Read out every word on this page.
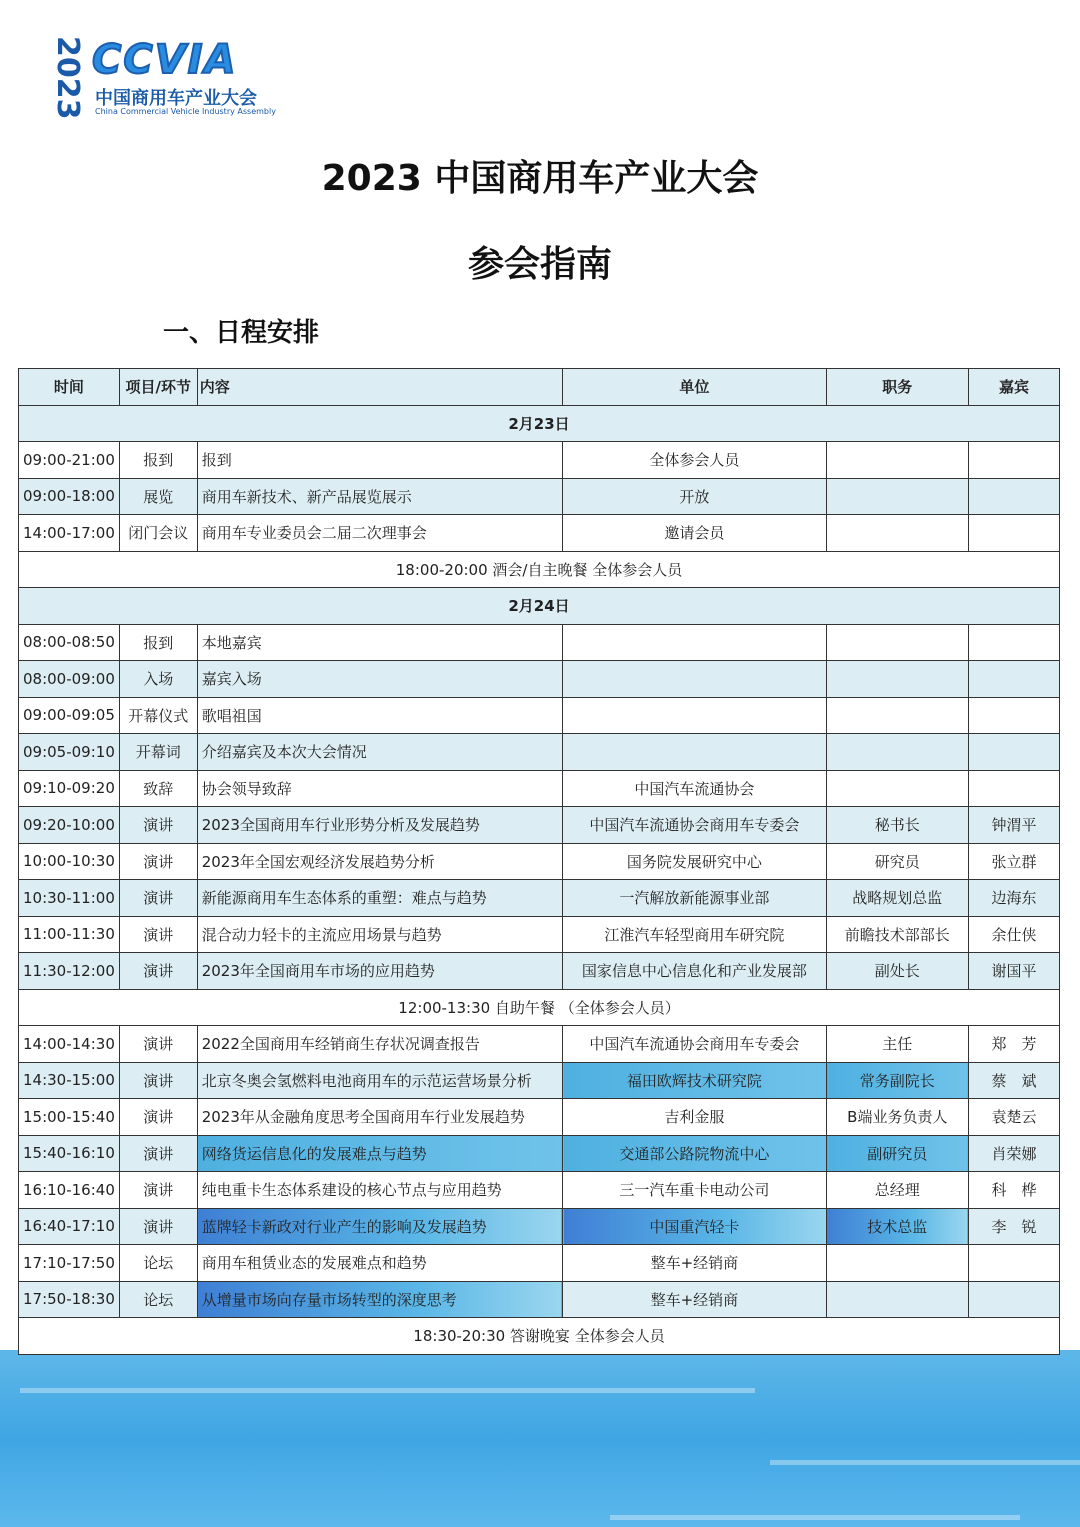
2023 CCVIA
中国商用车产业大会
China Commercial Vehicle Industry Assembly
2023 中国商用车产业大会
参会指南
一、日程安排
时间	项目/环节	内容	单位	职务	嘉宾
2月23日					
09:00-21:00	报到	报到	全体参会人员		
09:00-18:00	展览	商用车新技术、新产品展览展示	开放		
14:00-17:00	闭门会议	商用车专业委员会二届二次理事会	邀请会员		
18:00-20:00 酒会/自主晚餐 全体参会人员					
2月24日					
08:00-08:50	报到	本地嘉宾			
08:00-09:00	入场	嘉宾入场			
09:00-09:05	开幕仪式	歌唱祖国			
09:05-09:10	开幕词	介绍嘉宾及本次大会情况			
09:10-09:20	致辞	协会领导致辞	中国汽车流通协会		
09:20-10:00	演讲	2023全国商用车行业形势分析及发展趋势	中国汽车流通协会商用车专委会	秘书长	钟渭平
10:00-10:30	演讲	2023年全国宏观经济发展趋势分析	国务院发展研究中心	研究员	张立群
10:30-11:00	演讲	新能源商用车生态体系的重塑：难点与趋势	一汽解放新能源事业部	战略规划总监	边海东
11:00-11:30	演讲	混合动力轻卡的主流应用场景与趋势	江淮汽车轻型商用车研究院	前瞻技术部部长	余仕侠
11:30-12:00	演讲	2023年全国商用车市场的应用趋势	国家信息中心信息化和产业发展部	副处长	谢国平
12:00-13:30 自助午餐 （全体参会人员）					
14:00-14:30	演讲	2022全国商用车经销商生存状况调查报告	中国汽车流通协会商用车专委会	主任	郑　芳
14:30-15:00	演讲	北京冬奥会氢燃料电池商用车的示范运营场景分析	福田欧辉技术研究院	常务副院长	蔡　斌
15:00-15:40	演讲	2023年从金融角度思考全国商用车行业发展趋势	吉利金服	B端业务负责人	袁楚云
15:40-16:10	演讲	网络货运信息化的发展难点与趋势	交通部公路院物流中心	副研究员	肖荣娜
16:10-16:40	演讲	纯电重卡生态体系建设的核心节点与应用趋势	三一汽车重卡电动公司	总经理	科　桦
16:40-17:10	演讲	蓝牌轻卡新政对行业产生的影响及发展趋势	中国重汽轻卡	技术总监	李　锐
17:10-17:50	论坛	商用车租赁业态的发展难点和趋势	整车+经销商		
17:50-18:30	论坛	从增量市场向存量市场转型的深度思考	整车+经销商		
18:30-20:30 答谢晚宴 全体参会人员					
